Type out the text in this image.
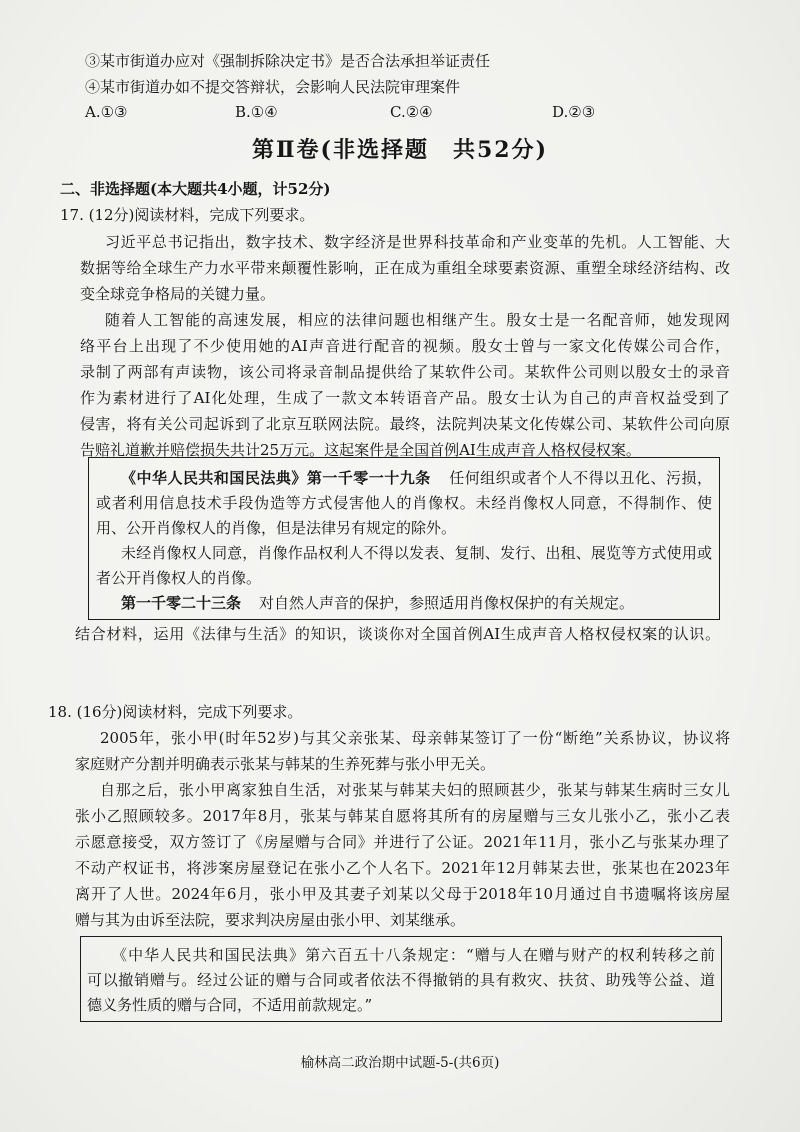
③某市街道办应对《强制拆除决定书》是否合法承担举证责任
④某市街道办如不提交答辩状，会影响人民法院审理案件
A.①③	B.①④	C.②④	D.②③
第Ⅱ卷(非选择题　共52分)
二、非选择题(本大题共4小题，计52分)
17. (12分)阅读材料，完成下列要求。
习近平总书记指出，数字技术、数字经济是世界科技革命和产业变革的先机。人工智能、大
数据等给全球生产力水平带来颠覆性影响，正在成为重组全球要素资源、重塑全球经济结构、改
变全球竞争格局的关键力量。
随着人工智能的高速发展，相应的法律问题也相继产生。殷女士是一名配音师，她发现网
络平台上出现了不少使用她的AI声音进行配音的视频。殷女士曾与一家文化传媒公司合作，
录制了两部有声读物，该公司将录音制品提供给了某软件公司。某软件公司则以殷女士的录音
作为素材进行了AI化处理，生成了一款文本转语音产品。殷女士认为自己的声音权益受到了
侵害，将有关公司起诉到了北京互联网法院。最终，法院判决某文化传媒公司、某软件公司向原
告赔礼道歉并赔偿损失共计25万元。这起案件是全国首例AI生成声音人格权侵权案。
《中华人民共和国民法典》第一千零一十九条 任何组织或者个人不得以丑化、污损，
或者利用信息技术手段伪造等方式侵害他人的肖像权。未经肖像权人同意，不得制作、使
用、公开肖像权人的肖像，但是法律另有规定的除外。
未经肖像权人同意，肖像作品权利人不得以发表、复制、发行、出租、展览等方式使用或
者公开肖像权人的肖像。
第一千零二十三条 对自然人声音的保护，参照适用肖像权保护的有关规定。
结合材料，运用《法律与生活》的知识，谈谈你对全国首例AI生成声音人格权侵权案的认识。
18. (16分)阅读材料，完成下列要求。
2005年，张小甲(时年52岁)与其父亲张某、母亲韩某签订了一份“断绝”关系协议，协议将
家庭财产分割并明确表示张某与韩某的生养死葬与张小甲无关。
自那之后，张小甲离家独自生活，对张某与韩某夫妇的照顾甚少，张某与韩某生病时三女儿
张小乙照顾较多。2017年8月，张某与韩某自愿将其所有的房屋赠与三女儿张小乙，张小乙表
示愿意接受，双方签订了《房屋赠与合同》并进行了公证。2021年11月，张小乙与张某办理了
不动产权证书，将涉案房屋登记在张小乙个人名下。2021年12月韩某去世，张某也在2023年
离开了人世。2024年6月，张小甲及其妻子刘某以父母于2018年10月通过自书遗嘱将该房屋
赠与其为由诉至法院，要求判决房屋由张小甲、刘某继承。
《中华人民共和国民法典》第六百五十八条规定：“赠与人在赠与财产的权利转移之前
可以撤销赠与。经过公证的赠与合同或者依法不得撤销的具有救灾、扶贫、助残等公益、道
德义务性质的赠与合同，不适用前款规定。”
榆林高二政治期中试题-5-(共6页)
